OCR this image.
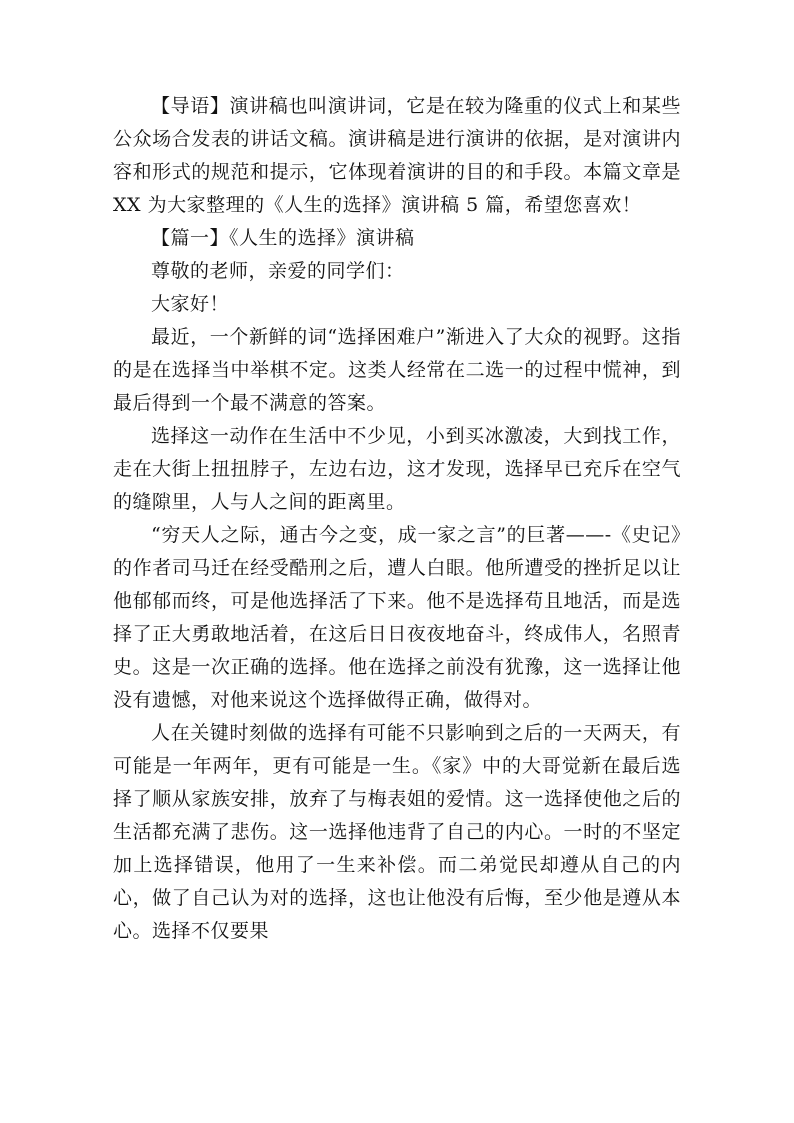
【导语】演讲稿也叫演讲词，它是在较为隆重的仪式上和某些公众场合发表的讲话文稿。演讲稿是进行演讲的依据，是对演讲内容和形式的规范和提示，它体现着演讲的目的和手段。本篇文章是 XX 为大家整理的《人生的选择》演讲稿 5 篇，希望您喜欢！

【篇一】《人生的选择》演讲稿

尊敬的老师，亲爱的同学们：

大家好！

最近，一个新鲜的词“选择困难户”渐进入了大众的视野。这指的是在选择当中举棋不定。这类人经常在二选一的过程中慌神，到最后得到一个最不满意的答案。

选择这一动作在生活中不少见，小到买冰激凌，大到找工作，走在大街上扭扭脖子，左边右边，这才发现，选择早已充斥在空气的缝隙里，人与人之间的距离里。

“穷天人之际，通古今之变，成一家之言”的巨著——-《史记》的作者司马迁在经受酷刑之后，遭人白眼。他所遭受的挫折足以让他郁郁而终，可是他选择活了下来。他不是选择苟且地活，而是选择了正大勇敢地活着，在这后日日夜夜地奋斗，终成伟人，名照青史。这是一次正确的选择。他在选择之前没有犹豫，这一选择让他没有遗憾，对他来说这个选择做得正确，做得对。

人在关键时刻做的选择有可能不只影响到之后的一天两天，有可能是一年两年，更有可能是一生。《家》中的大哥觉新在最后选择了顺从家族安排，放弃了与梅表姐的爱情。这一选择使他之后的生活都充满了悲伤。这一选择他违背了自己的内心。一时的不坚定加上选择错误，他用了一生来补偿。而二弟觉民却遵从自己的内心，做了自己认为对的选择，这也让他没有后悔，至少他是遵从本心。选择不仅要果
